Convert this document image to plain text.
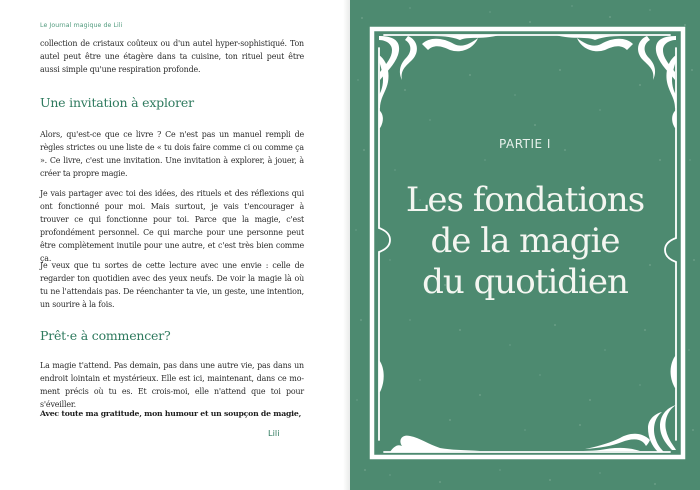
Le Journal magique de Lili

collection de cristaux coûteux ou d'un autel hyper-sophistiqué. Ton autel peut être une étagère dans ta cuisine, ton rituel peut être aussi simple qu'une respiration profonde.

Une invitation à explorer

Alors, qu'est-ce que ce livre ? Ce n'est pas un manuel rempli de règles strictes ou une liste de « tu dois faire comme ci ou comme ça ». Ce livre, c'est une invitation. Une invitation à explorer, à jouer, à créer ta propre magie.

Je vais partager avec toi des idées, des rituels et des réflexions qui ont fonctionné pour moi. Mais surtout, je vais t'encourager à trouver ce qui fonctionne pour toi. Parce que la magie, c'est profondément personnel. Ce qui marche pour une personne peut être complètement inutile pour une autre, et c'est très bien comme ça.

Je veux que tu sortes de cette lecture avec une envie : celle de regarder ton quotidien avec des yeux neufs. De voir la magie là où tu ne l'attendais pas. De réenchanter ta vie, un geste, une intention, un sourire à la fois.

Prêt·e à commencer?

La magie t'attend. Pas demain, pas dans une autre vie, pas dans un endroit lointain et mystérieux. Elle est ici, maintenant, dans ce moment précis où tu es. Et crois-moi, elle n'attend que toi pour s'éveiller.

Avec toute ma gratitude, mon humour et un soupçon de magie,
Lili
PARTIE I
Les fondations
de la magie
du quotidien
